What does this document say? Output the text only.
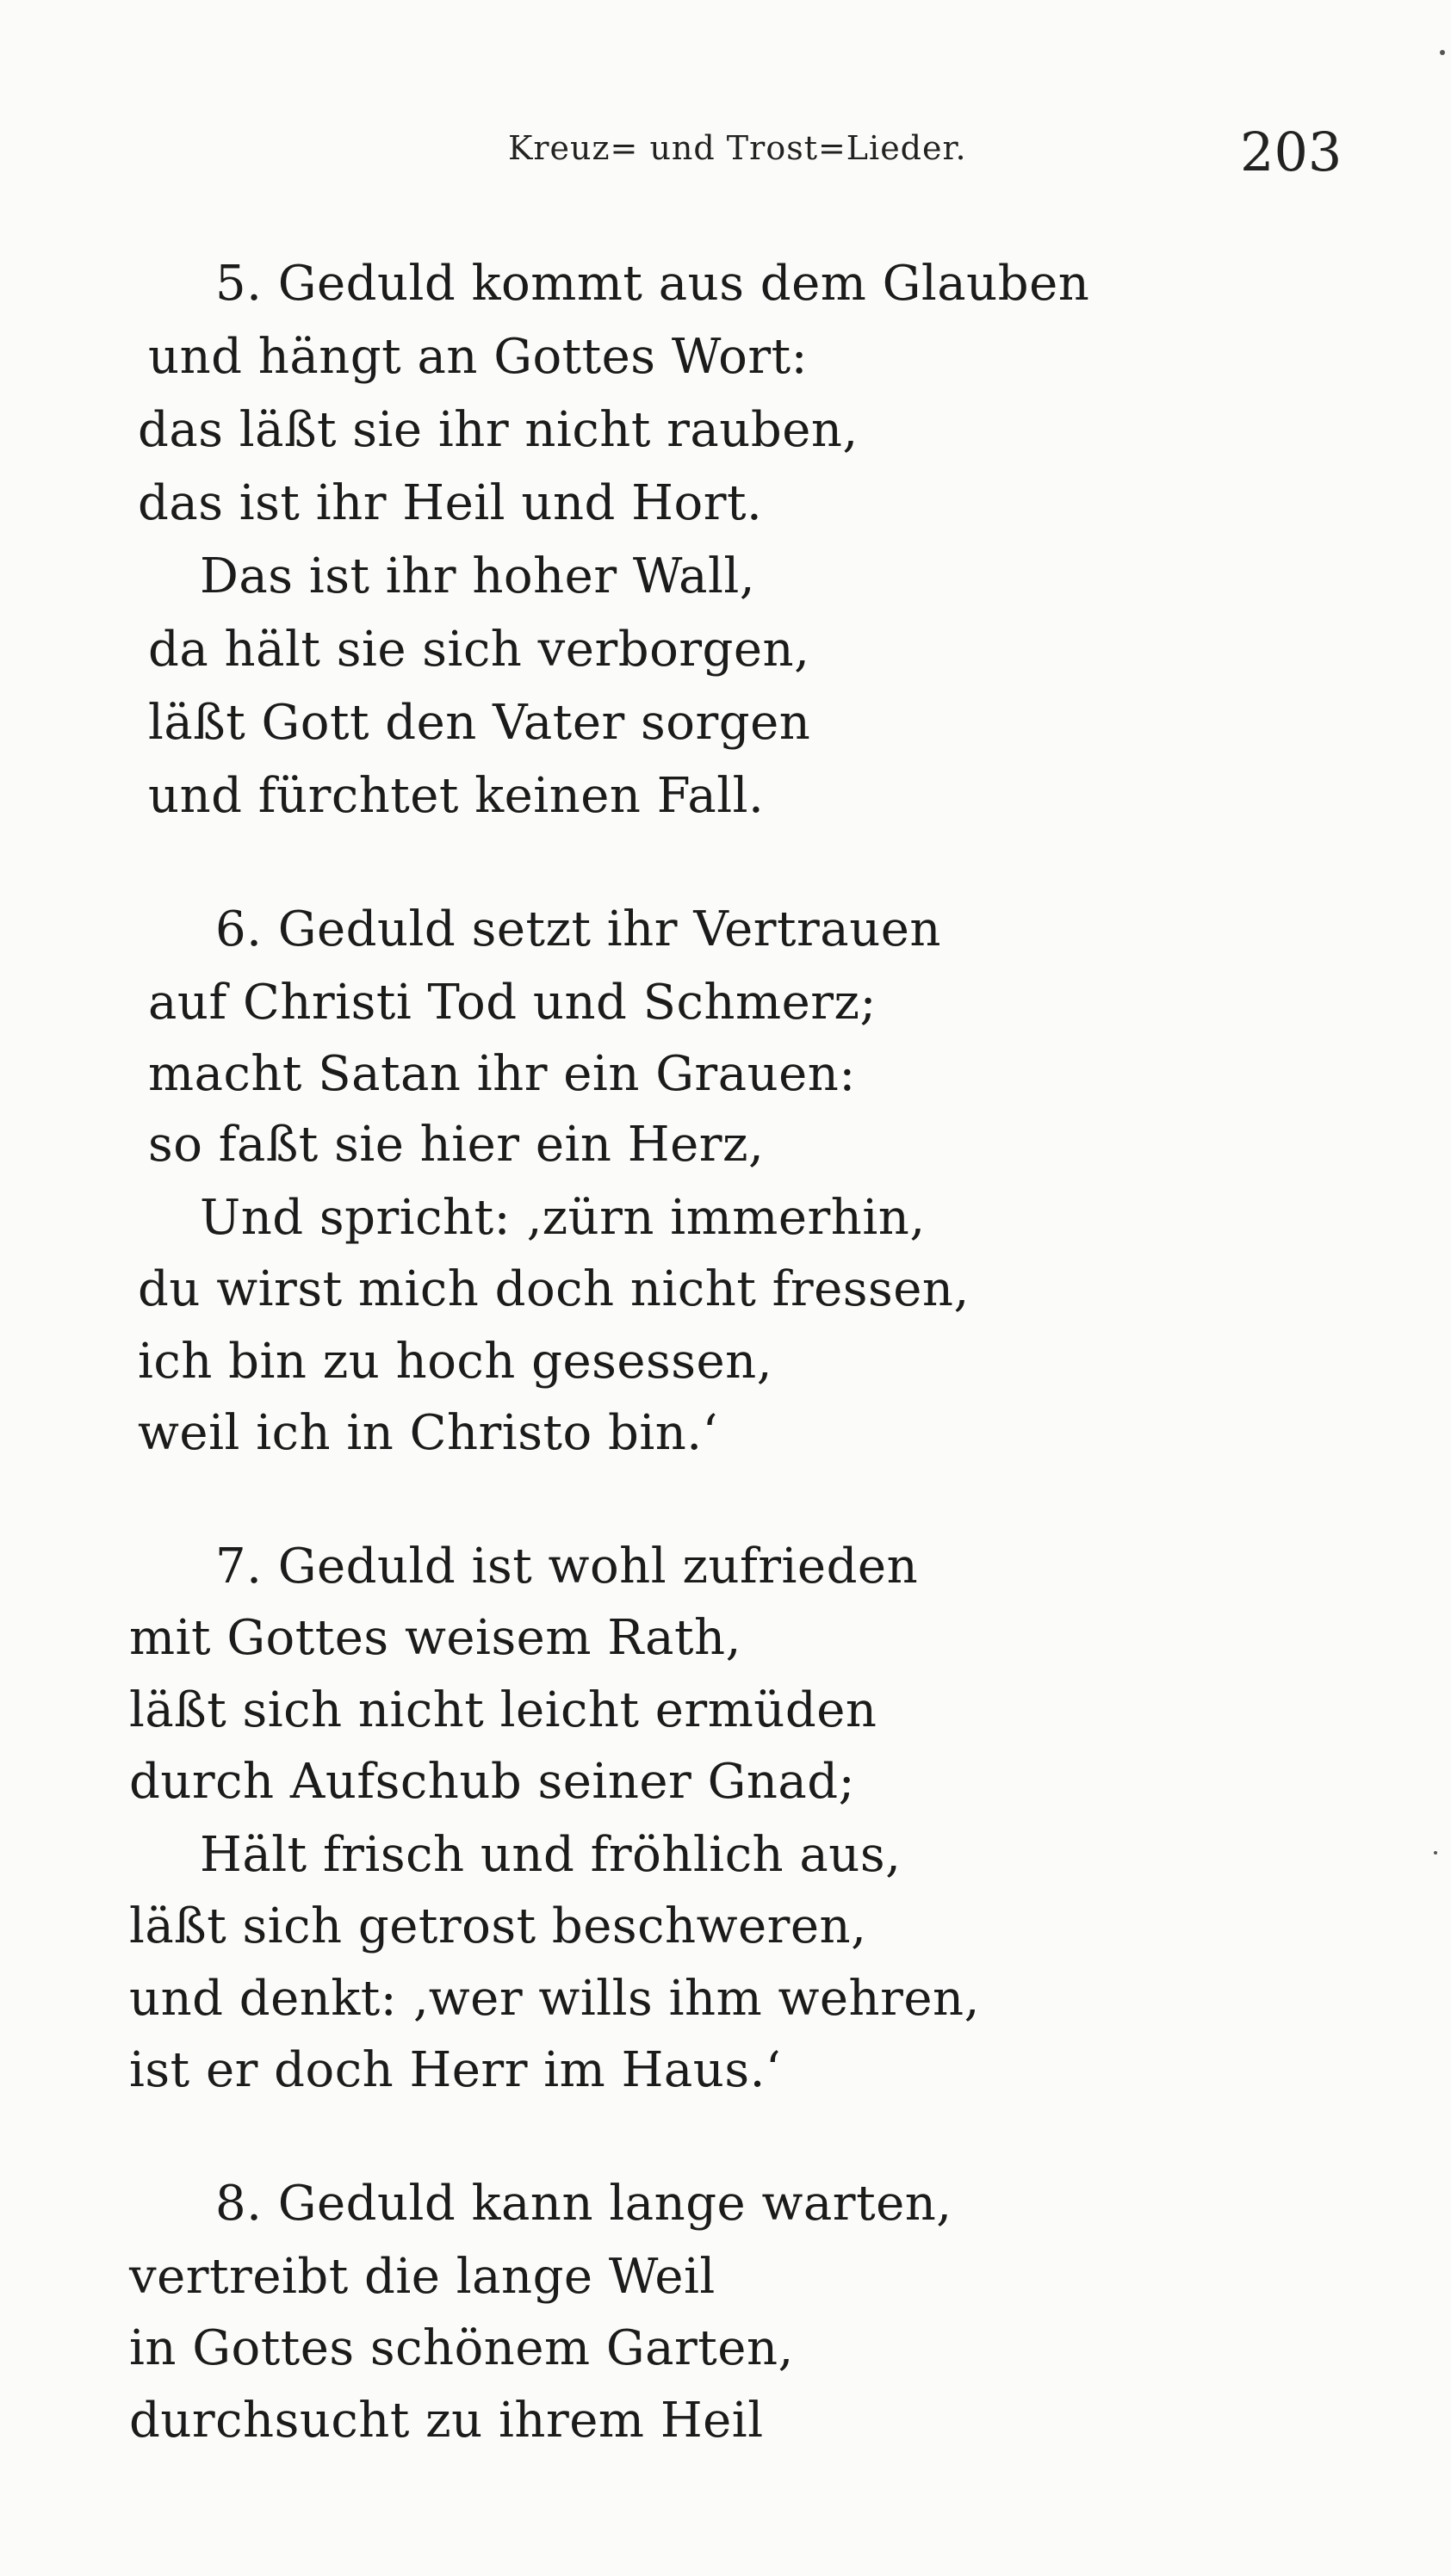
Kreuz= und Trost=Lieder.	203
5. Geduld kommt aus dem Glauben
und hängt an Gottes Wort:
das läßt sie ihr nicht rauben,
das ist ihr Heil und Hort.
Das ist ihr hoher Wall,
da hält sie sich verborgen,
läßt Gott den Vater sorgen
und fürchtet keinen Fall.
6. Geduld setzt ihr Vertrauen
auf Christi Tod und Schmerz;
macht Satan ihr ein Grauen:
so faßt sie hier ein Herz,
Und spricht: ‚zürn immerhin,
du wirst mich doch nicht fressen,
ich bin zu hoch gesessen,
weil ich in Christo bin.‘
7. Geduld ist wohl zufrieden
mit Gottes weisem Rath,
läßt sich nicht leicht ermüden
durch Aufschub seiner Gnad;
Hält frisch und fröhlich aus,
läßt sich getrost beschweren,
und denkt: ‚wer wills ihm wehren,
ist er doch Herr im Haus.‘
8. Geduld kann lange warten,
vertreibt die lange Weil
in Gottes schönem Garten,
durchsucht zu ihrem Heil
